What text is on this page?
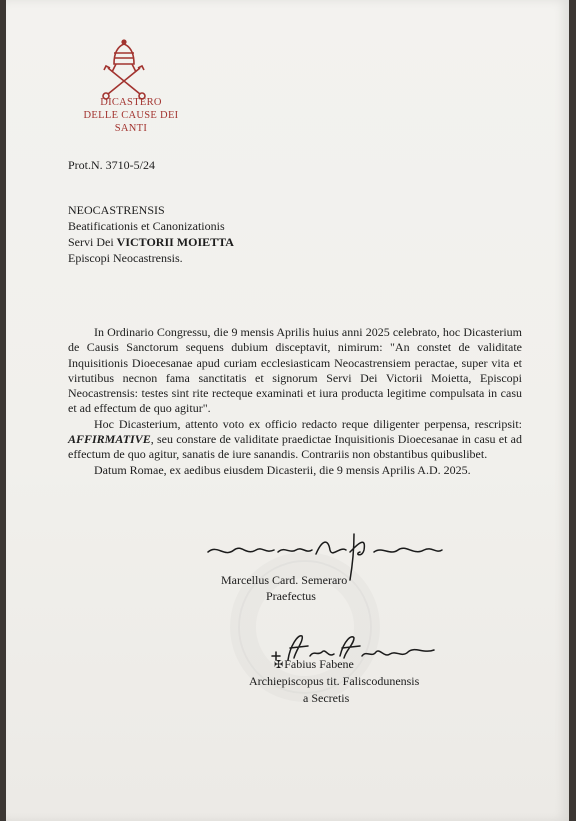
DICASTERO
DELLE CAUSE DEI SANTI
Prot.N. 3710-5/24
NEOCASTRENSIS
Beatificationis et Canonizationis
Servi Dei VICTORII MOIETTA
Episcopi Neocastrensis.

In Ordinario Congressu, die 9 mensis Aprilis huius anni 2025 celebrato, hoc Dicasterium de Causis Sanctorum sequens dubium disceptavit, nimirum: "An constet de validitate Inquisitionis Dioecesanae apud curiam ecclesiasticam Neocastrensiem peractae, super vita et virtutibus necnon fama sanctitatis et signorum Servi Dei Victorii Moietta, Episcopi Neocastrensis: testes sint rite recteque examinati et iura producta legitime compulsata in casu et ad effectum de quo agitur".

Hoc Dicasterium, attento voto ex officio redacto reque diligenter perpensa, rescripsit: AFFIRMATIVE, seu constare de validitate praedictae Inquisitionis Dioecesanae in casu et ad effectum de quo agitur, sanatis de iure sanandis. Contrariis non obstantibus quibuslibet.

Datum Romae, ex aedibus eiusdem Dicasterii, die 9 mensis Aprilis A.D. 2025.

Marcellus Card. Semeraro
Praefectus
✠Fabius Fabene
Archiepiscopus tit. Faliscodunensis
a Secretis
